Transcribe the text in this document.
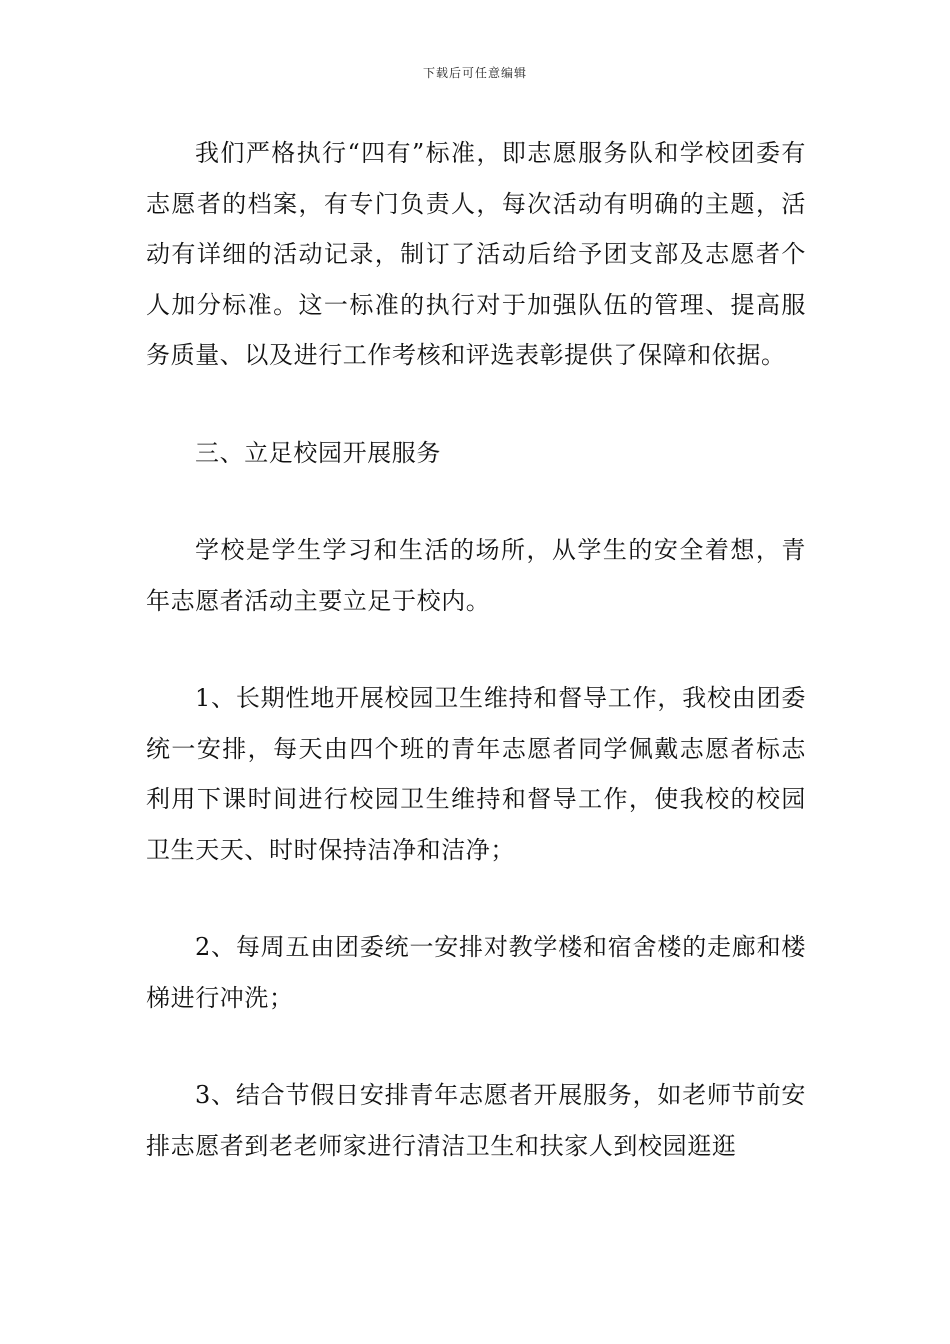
下载后可任意编辑

我们严格执行“四有”标准，即志愿服务队和学校团委有志愿者的档案，有专门负责人，每次活动有明确的主题，活动有详细的活动记录，制订了活动后给予团支部及志愿者个人加分标准。这一标准的执行对于加强队伍的管理、提高服务质量、以及进行工作考核和评选表彰提供了保障和依据。

三、立足校园开展服务

学校是学生学习和生活的场所，从学生的安全着想，青年志愿者活动主要立足于校内。

1、长期性地开展校园卫生维持和督导工作，我校由团委统一安排，每天由四个班的青年志愿者同学佩戴志愿者标志利用下课时间进行校园卫生维持和督导工作，使我校的校园卫生天天、时时保持洁净和洁净；

2、每周五由团委统一安排对教学楼和宿舍楼的走廊和楼梯进行冲洗；

3、结合节假日安排青年志愿者开展服务，如老师节前安排志愿者到老老师家进行清洁卫生和扶家人到校园逛逛
